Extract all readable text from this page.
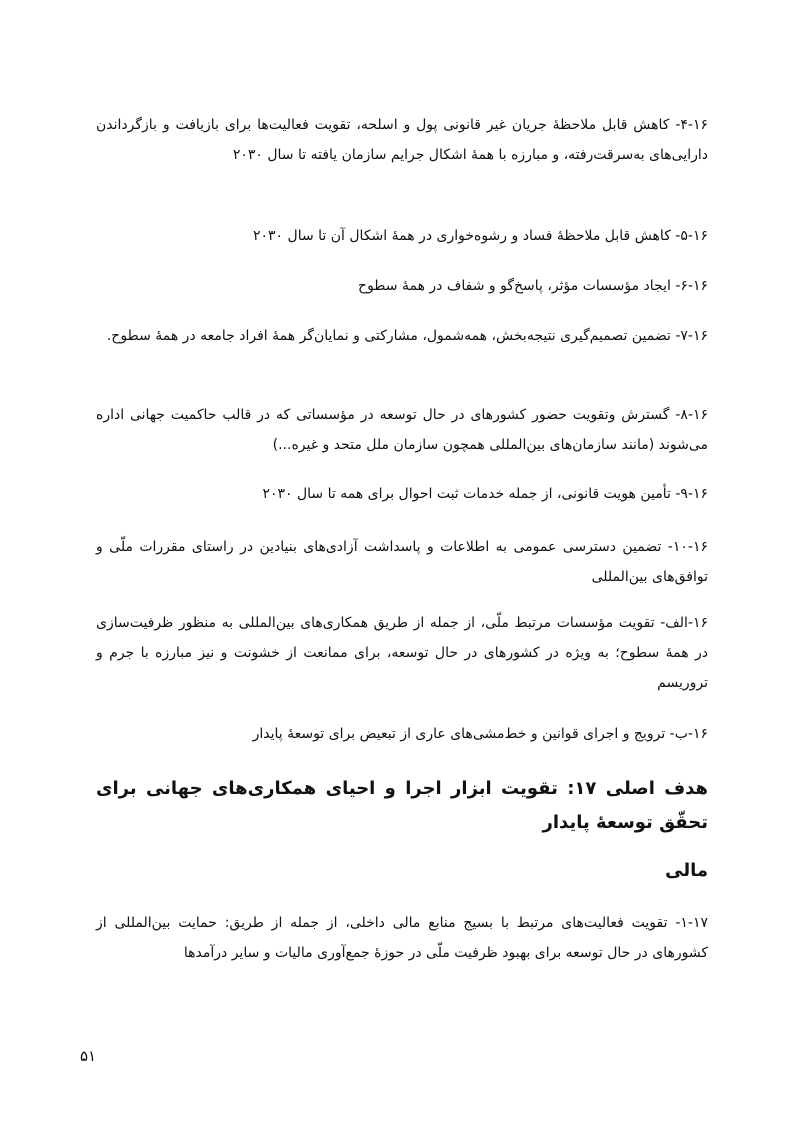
۴-۱۶- کاهش قابل ملاحظهٔ جریان غیر قانونی پول و اسلحه، تقویت فعالیت‌ها برای بازیافت و بازگرداندن دارایی‌های به‌سرقت‌رفته، و مبارزه با همهٔ اشکال جرایم سازمان یافته تا سال ۲۰۳۰
۵-۱۶- کاهش قابل ملاحظهٔ فساد و رشوه‌خواری در همهٔ اشکال آن تا سال ۲۰۳۰
۶-۱۶- ایجاد مؤسسات مؤثر، پاسخ‌گو و شفاف در همهٔ سطوح
۷-۱۶- تضمین تصمیم‌گیری نتیجه‌بخش، همه‌شمول، مشارکتی و نمایان‌گر همهٔ افراد جامعه در همهٔ سطوح.
۸-۱۶- گسترش وتقویت حضور کشورهای در حال توسعه در مؤسساتی که در قالب حاکمیت جهانی اداره می‌شوند (مانند سازمان‌های بین‌المللی همچون سازمان ملل متحد و غیره...)
۹-۱۶- تأمین هویت قانونی، از جمله خدمات ثبت احوال برای همه تا سال ۲۰۳۰
۱۰-۱۶- تضمین دسترسی عمومی به اطلاعات و پاسداشت آزادی‌های بنیادین در راستای مقررات ملّی و توافق‌های بین‌المللی
۱۶-الف- تقویت مؤسسات مرتبط ملّی، از جمله از طریق همکاری‌های بین‌المللی به منظور ظرفیت‌سازی در همهٔ سطوح؛ به ویژه در کشورهای در حال توسعه، برای ممانعت از خشونت و نیز مبارزه با جرم و تروریسم
۱۶-ب- ترویج و اجرای قوانین و خط‌مشی‌های عاری از تبعیض برای توسعهٔ پایدار
هدف اصلی ۱۷: تقویت ابزار اجرا و احیای همکاری‌های جهانی برای تحقّق توسعهٔ پایدار
مالی
۱-۱۷- تقویت فعالیت‌های مرتبط با بسیج منابع مالی داخلی، از جمله از طریق: حمایت بین‌المللی از کشورهای در حال توسعه برای بهبود ظرفیت ملّی در حوزهٔ جمع‌آوری مالیات و سایر درآمدها
۵۱
